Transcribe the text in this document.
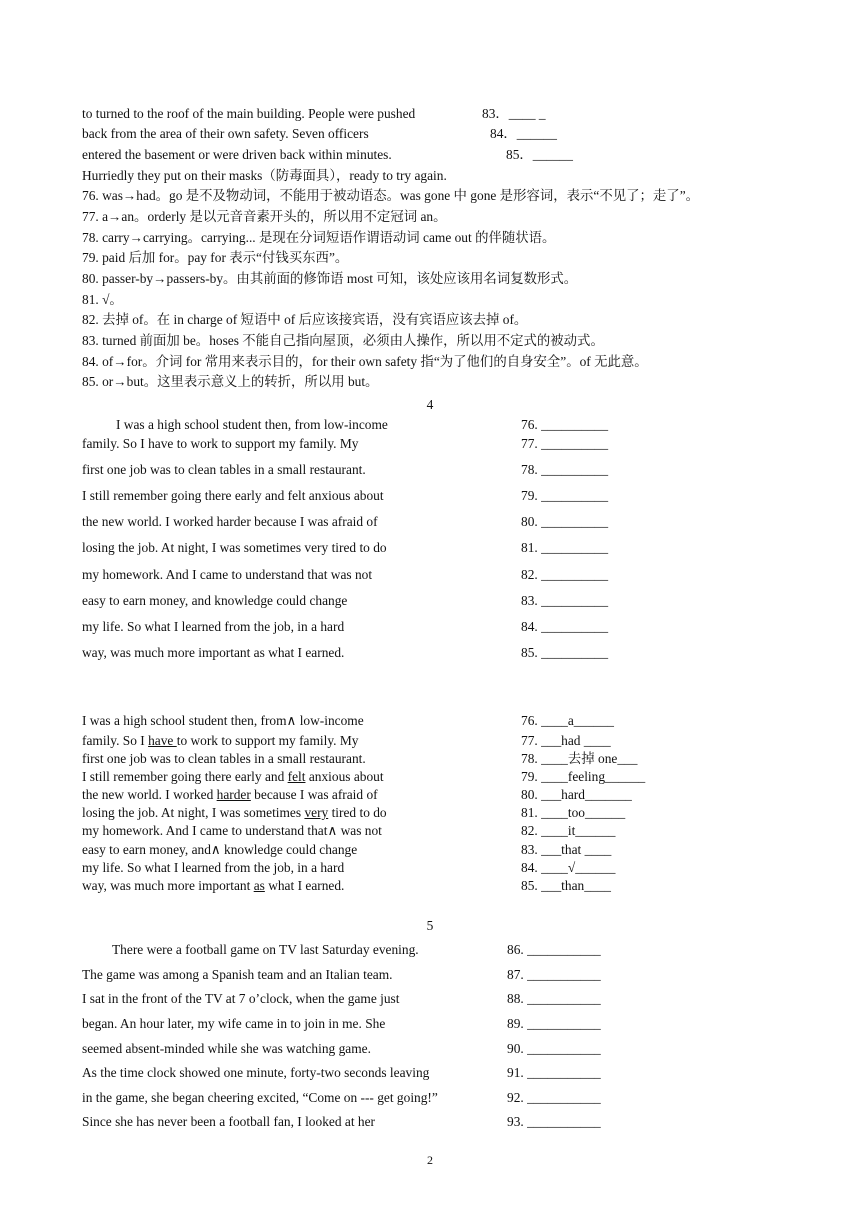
to turned to the roof of the main building. People were pushed	83．____ _
back from the area of their own safety. Seven officers	84．______
entered the basement or were driven back within minutes.	85．______
Hurriedly they put on their masks（防毒面具），ready to try again.
76. was→had。go 是不及物动词，不能用于被动语态。was gone 中 gone 是形容词，表示“不见了；走了”。
77. a→an。orderly 是以元音音素开头的，所以用不定冠词 an。
78. carry→carrying。carrying... 是现在分词短语作谓语动词 came out 的伴随状语。
79. paid 后加 for。pay for 表示“付钱买东西”。
80. passer-by→passers-by。由其前面的修饰语 most 可知，该处应该用名词复数形式。
81. √。
82. 去掉 of。在 in charge of 短语中 of 后应该接宾语，没有宾语应该去掉 of。
83. turned 前面加 be。hoses 不能自己指向屋顶，必须由人操作，所以用不定式的被动式。
84. of→for。介词 for 常用来表示目的，for their own safety 指“为了他们的自身安全”。of 无此意。
85. or→but。这里表示意义上的转折，所以用 but。
4
I was a high school student then, from low-income	76. __________
family. So I have to work to support my family. My	77. __________
first one job was to clean tables in a small restaurant.	78. __________
I still remember going there early and felt anxious about	79. __________
the new world. I worked harder because I was afraid of	80. __________
losing the job. At night, I was sometimes very tired to do	81. __________
my homework. And I came to understand that was not	82. __________
easy to earn money, and knowledge could change	83. __________
my life. So what I learned from the job, in a hard	84. __________
way, was much more important as what I earned.	85. __________
I was a high school student then, from∧ low-income	76. ____a______
family. So I have to work to support my family. My	77. ___had ____
first one job was to clean tables in a small restaurant.	78. ____去掉 one___
I still remember going there early and felt anxious about	79. ____feeling______
the new world. I worked harder because I was afraid of	80. ___hard_______
losing the job. At night, I was sometimes very tired to do	81. ____too______
my homework. And I came to understand that∧ was not	82. ____it______
easy to earn money, and∧ knowledge could change	83. ___that ____
my life. So what I learned from the job, in a hard	84. ____√______
way, was much more important as what I earned.	85. ___than____
5
There were a football game on TV last Saturday evening.	86. ___________
The game was among a Spanish team and an Italian team.	87. ___________
I sat in the front of the TV at 7 o’clock, when the game just	88. ___________
began. An hour later, my wife came in to join in me. She	89. ___________
seemed absent-minded while she was watching game.	90. ___________
As the time clock showed one minute, forty-two seconds leaving	91. ___________
in the game, she began cheering excited, “Come on --- get going!”	92. ___________
Since she has never been a football fan, I looked at her	93. ___________
2
